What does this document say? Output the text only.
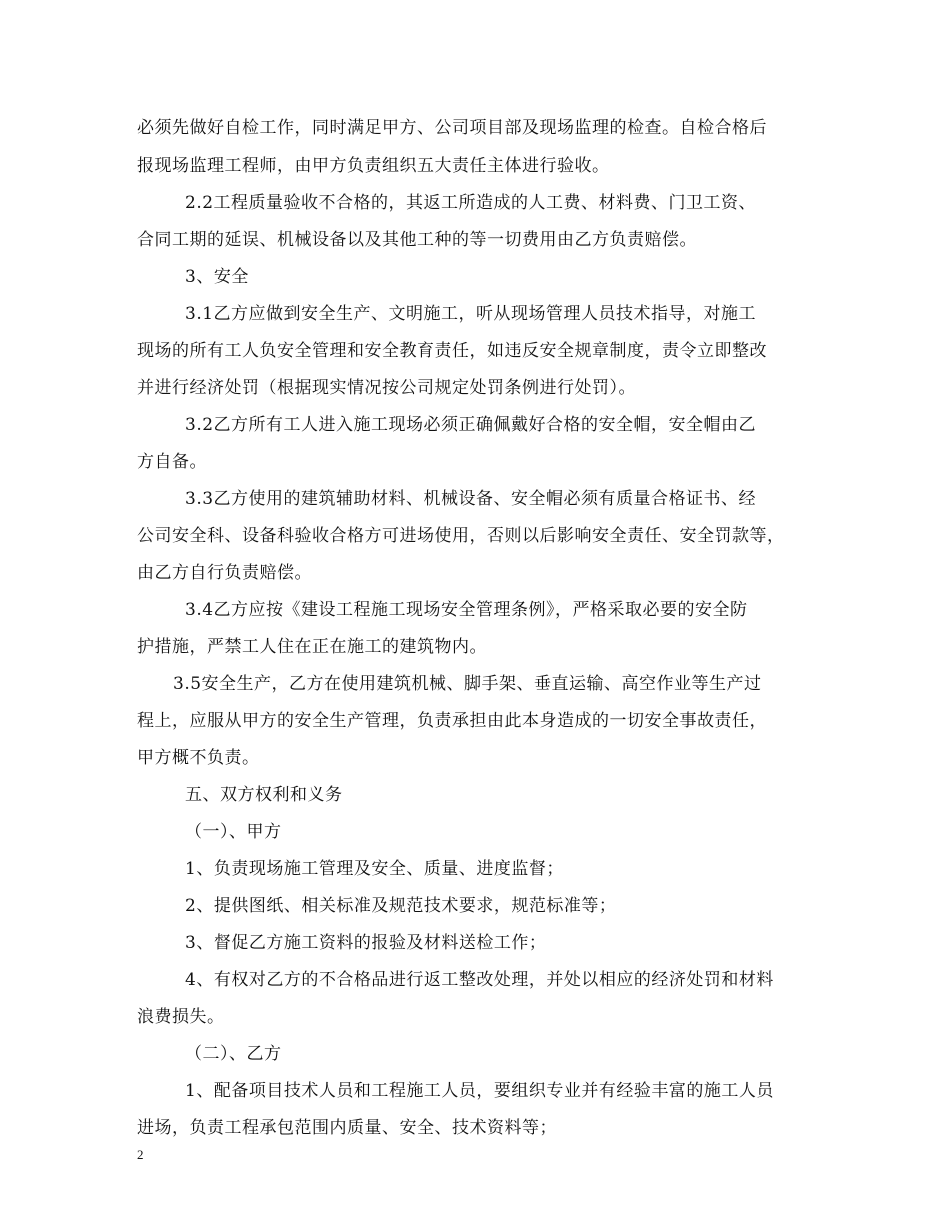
必须先做好自检工作，同时满足甲方、公司项目部及现场监理的检查。自检合格后
报现场监理工程师，由甲方负责组织五大责任主体进行验收。
2.2工程质量验收不合格的，其返工所造成的人工费、材料费、门卫工资、
合同工期的延误、机械设备以及其他工种的等一切费用由乙方负责赔偿。
3、安全
3.1乙方应做到安全生产、文明施工，听从现场管理人员技术指导，对施工
现场的所有工人负安全管理和安全教育责任，如违反安全规章制度，责令立即整改
并进行经济处罚（根据现实情况按公司规定处罚条例进行处罚）。
3.2乙方所有工人进入施工现场必须正确佩戴好合格的安全帽，安全帽由乙
方自备。
3.3乙方使用的建筑辅助材料、机械设备、安全帽必须有质量合格证书、经
公司安全科、设备科验收合格方可进场使用，否则以后影响安全责任、安全罚款等，
由乙方自行负责赔偿。
3.4乙方应按《建设工程施工现场安全管理条例》，严格采取必要的安全防
护措施，严禁工人住在正在施工的建筑物内。
3.5安全生产，乙方在使用建筑机械、脚手架、垂直运输、高空作业等生产过
程上，应服从甲方的安全生产管理，负责承担由此本身造成的一切安全事故责任，
甲方概不负责。
五、双方权利和义务
（一）、甲方
1、负责现场施工管理及安全、质量、进度监督；
2、提供图纸、相关标准及规范技术要求，规范标准等；
3、督促乙方施工资料的报验及材料送检工作；
4、有权对乙方的不合格品进行返工整改处理，并处以相应的经济处罚和材料
浪费损失。
（二）、乙方
1、配备项目技术人员和工程施工人员，要组织专业并有经验丰富的施工人员
进场，负责工程承包范围内质量、安全、技术资料等；
2
